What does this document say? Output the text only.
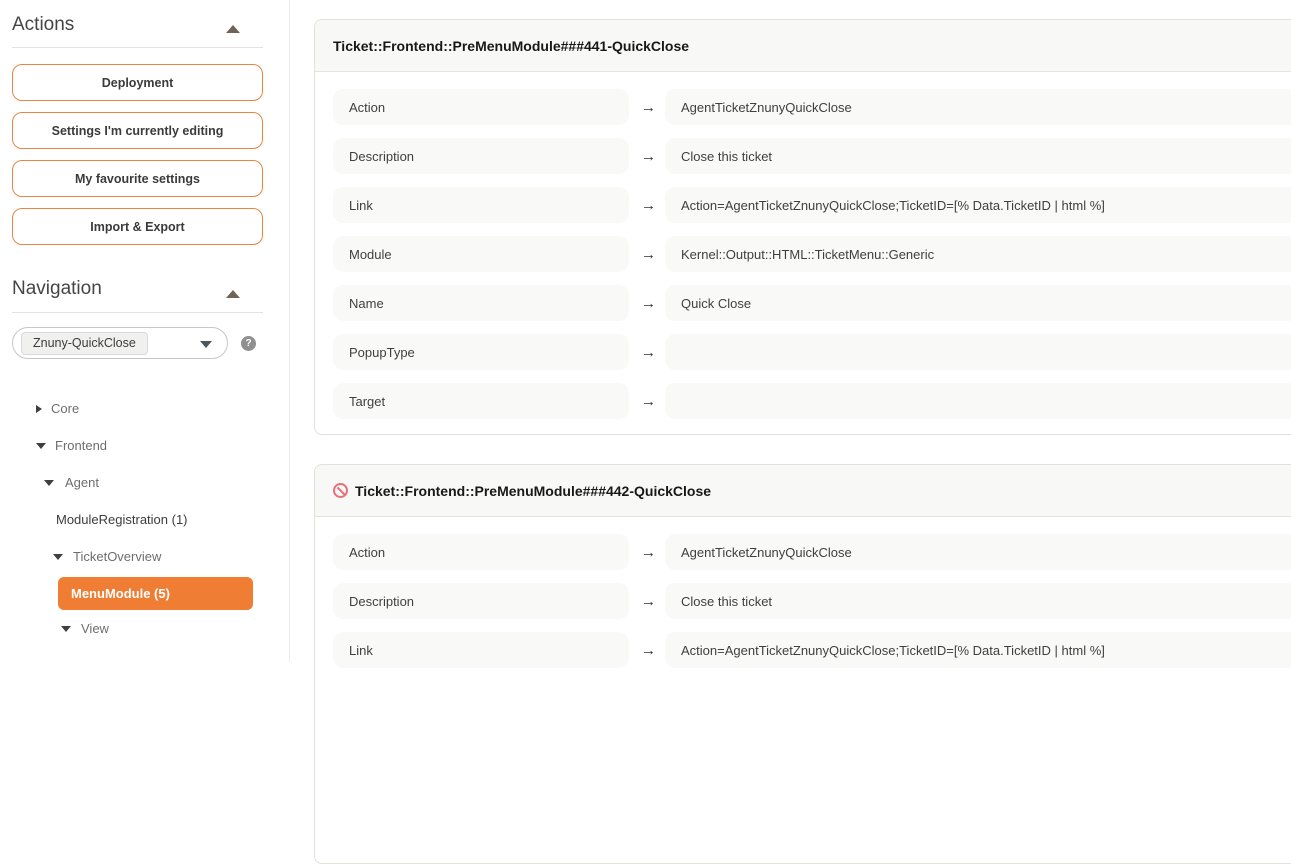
Actions
Deployment
Settings I'm currently editing
My favourite settings
Import & Export
Navigation
Znuny-QuickClose	?
Core
Frontend
Agent
ModuleRegistration (1)
TicketOverview
MenuModule (5)
View
Ticket::Frontend::PreMenuModule###441-QuickClose
Action	→	AgentTicketZnunyQuickClose
Description	→	Close this ticket
Link	→	Action=AgentTicketZnunyQuickClose;TicketID=[% Data.TicketID | html %]
Module	→	Kernel::Output::HTML::TicketMenu::Generic
Name	→	Quick Close
PopupType	→
Target	→
Ticket::Frontend::PreMenuModule###442-QuickClose
Action	→	AgentTicketZnunyQuickClose
Description	→	Close this ticket
Link	→	Action=AgentTicketZnunyQuickClose;TicketID=[% Data.TicketID | html %]
